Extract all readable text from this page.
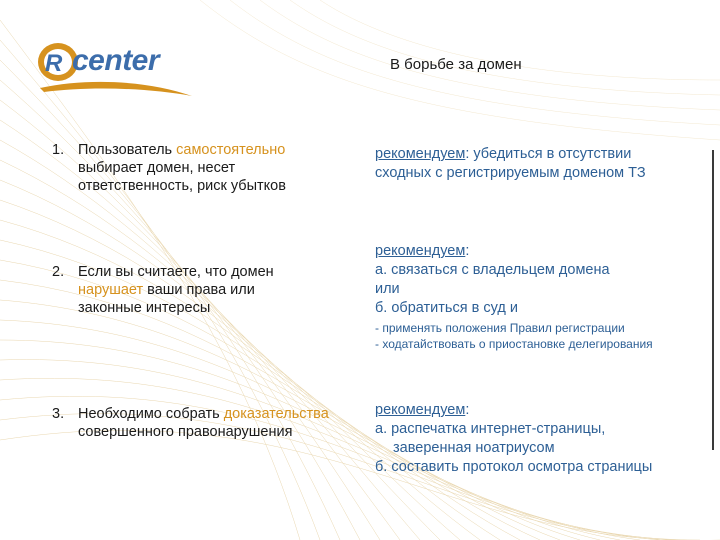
R center	В борьбе за домен
1. Пользователь самостоятельно выбирает домен, несет ответственность, риск убытков
рекомендуем: убедиться в отсутствии
сходных с регистрируемым доменом ТЗ
2. Если вы считаете, что домен нарушает ваши права или законные интересы
рекомендуем:
а. связаться с владельцем домена
или
б. обратиться в суд и
- применять положения Правил регистрации
- ходатайствовать о приостановке делегирования
3. Необходимо собрать доказательства совершенного правонарушения
рекомендуем:
а. распечатка интернет-страницы,
заверенная ноатриусом
б. составить протокол осмотра страницы
